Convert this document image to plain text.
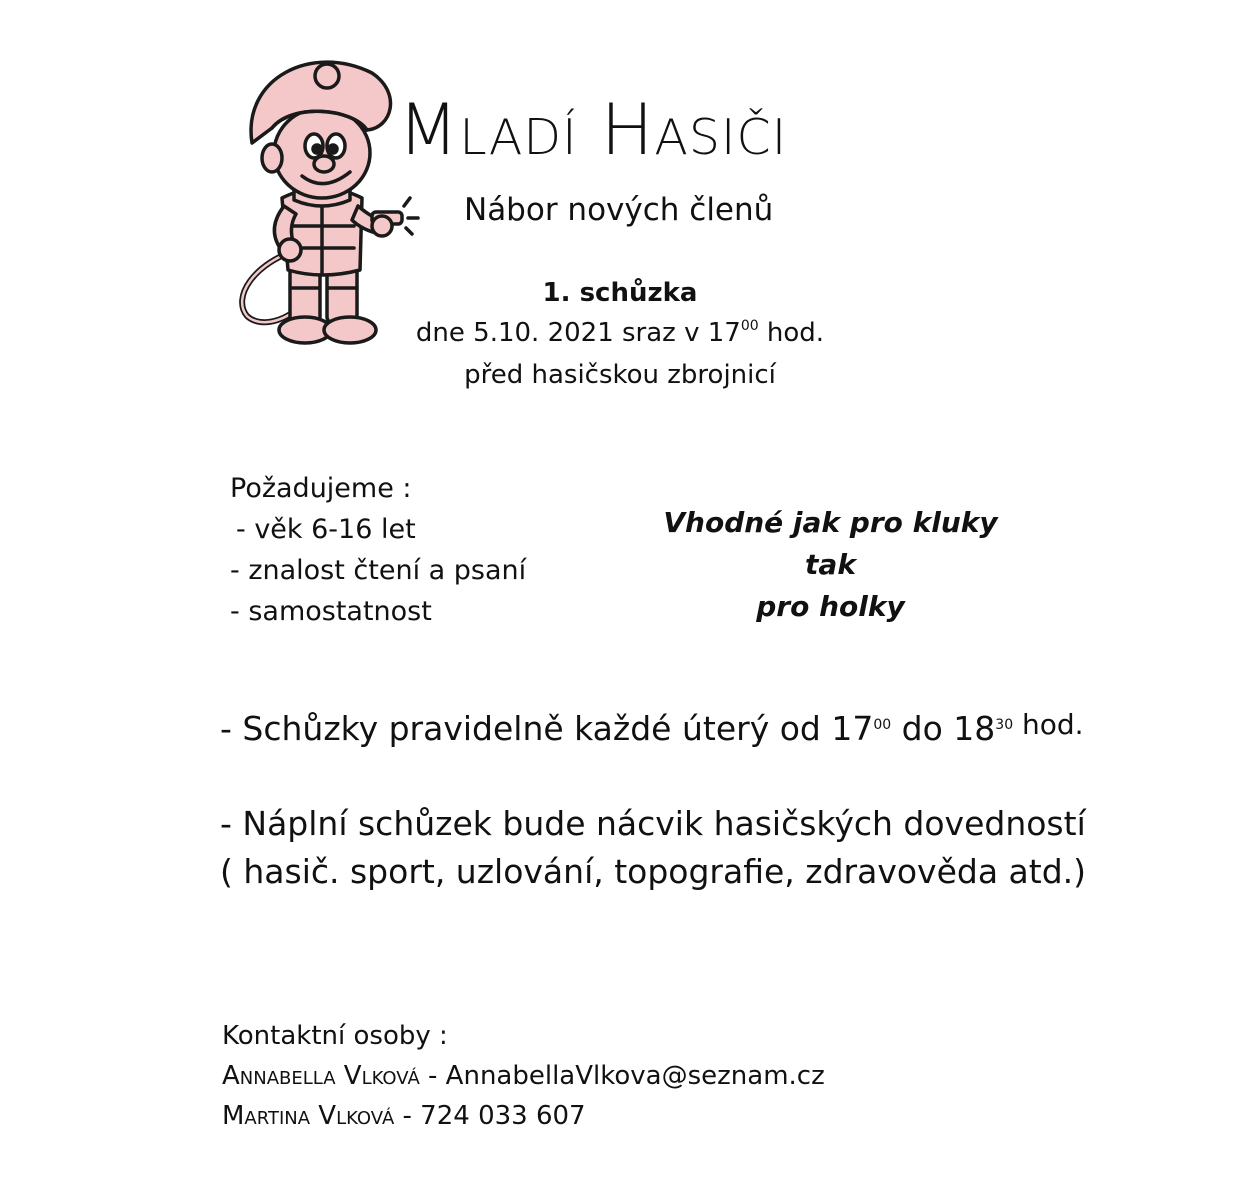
Mladí Hasiči
Nábor nových členů
1. schůzka
dne 5.10. 2021 sraz v $17^{00}$ hod.
před hasičskou zbrojnicí
Požadujeme :
- věk 6-16 let
- znalost čtení a psaní
- samostatnost
Vhodné jak pro kluky tak
pro holky
- Schůzky pravidelně každé úterý od $17^{00}$ do $18^{30}$ hod.
- Náplní schůzek bude nácvik hasičských dovedností
( hasič. sport, uzlování, topografie, zdravověda atd.)
Kontaktní osoby :
Annabella Vlková - AnnabellaVlkova@seznam.cz
Martina Vlková - 724 033 607
